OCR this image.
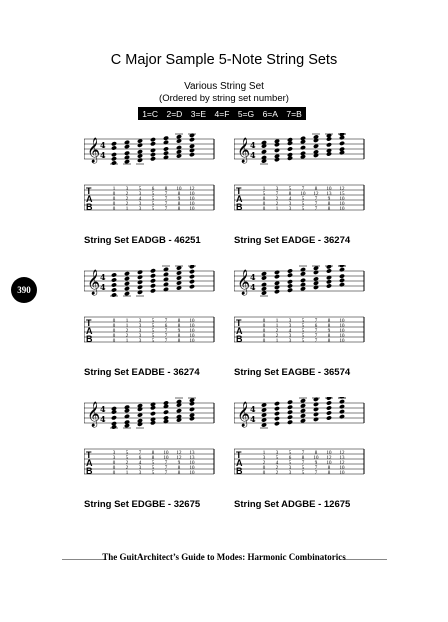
C Major Sample 5-Note String Sets
Various String Set
(Ordered by string set number)
1=C 2=D 3=E 4=F 5=G 6=A 7=B
390
𝄞 4
4
T
A
B
1 3 5 6 8 10 12
0 2 3 5 7 8 10
0 2 4 5 7 9 10
0 2 3 5 7 8 10
0 1 3 5 7 8 10
String Set EADGB - 46251
𝄞 4
4
T
A
B
1 3 5 7 8 10 12
5 7 8 10 12 13 15
0 2 4 5 7 9 10
0 2 3 5 7 8 10
0 1 3 5 7 8 10
String Set EADGE - 36274
𝄞 4
4
T
A
B
0 1 3 5 7 8 10
0 1 3 5 6 8 10
0 2 3 5 7 9 10
0 2 3 5 7 8 10
0 1 3 5 7 8 10
String Set EADBE - 36274
𝄞 4
4
T
A
B
0 1 3 5 7 8 10
0 1 3 5 6 8 10
0 2 4 5 7 9 10
0 2 3 5 7 8 10
0 1 3 5 7 8 10
String Set EAGBE - 36574
𝄞 4
4
T
A
B
3 5 7 8 10 12 13
3 5 6 8 10 12 13
0 2 4 5 7 9 10
0 2 3 5 7 8 10
0 1 3 5 7 8 10
String Set EDGBE - 32675
𝄞 4
4
T
A
B
1 3 5 7 8 10 12
3 5 6 8 10 12 13
2 4 5 7 9 10 12
0 2 3 5 7 8 10
0 2 3 5 7 8 10
String Set ADGBE - 12675
The GuitArchitect’s Guide to Modes: Harmonic Combinatorics
